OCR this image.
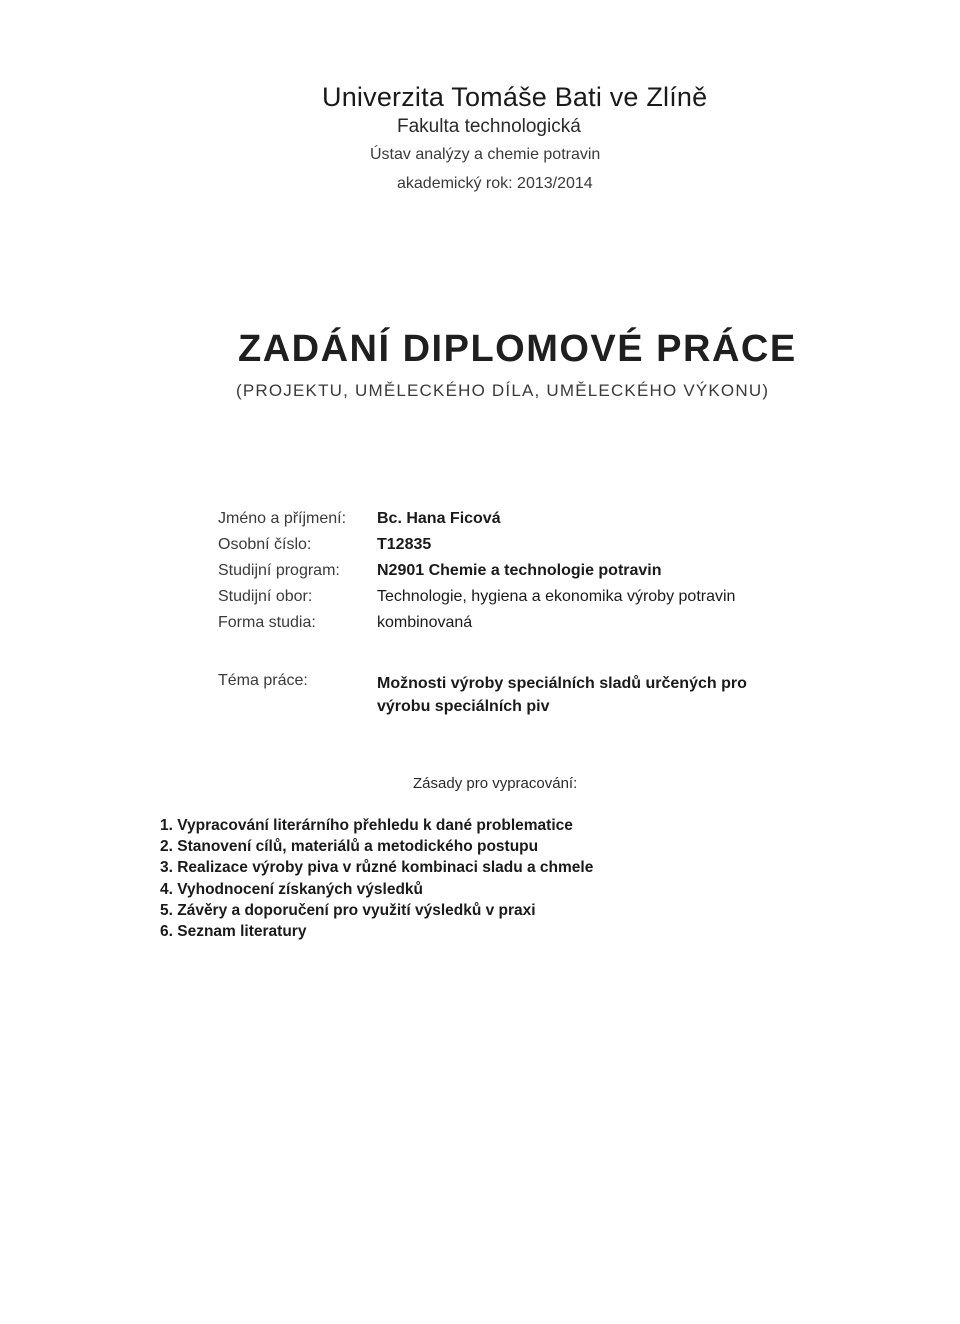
Univerzita Tomáše Bati ve Zlíně
Fakulta technologická
Ústav analýzy a chemie potravin
akademický rok: 2013/2014
ZADÁNÍ DIPLOMOVÉ PRÁCE
(PROJEKTU, UMĚLECKÉHO DÍLA, UMĚLECKÉHO VÝKONU)
Jméno a příjmení:	Bc. Hana Ficová
Osobní číslo:	T12835
Studijní program:	N2901 Chemie a technologie potravin
Studijní obor:	Technologie, hygiena a ekonomika výroby potravin
Forma studia:	kombinovaná
Téma práce:	Možnosti výroby speciálních sladů určených pro výrobu speciálních piv
Zásady pro vypracování:
1. Vypracování literárního přehledu k dané problematice
2. Stanovení cílů, materiálů a metodického postupu
3. Realizace výroby piva v různé kombinaci sladu a chmele
4. Vyhodnocení získaných výsledků
5. Závěry a doporučení pro využití výsledků v praxi
6. Seznam literatury
